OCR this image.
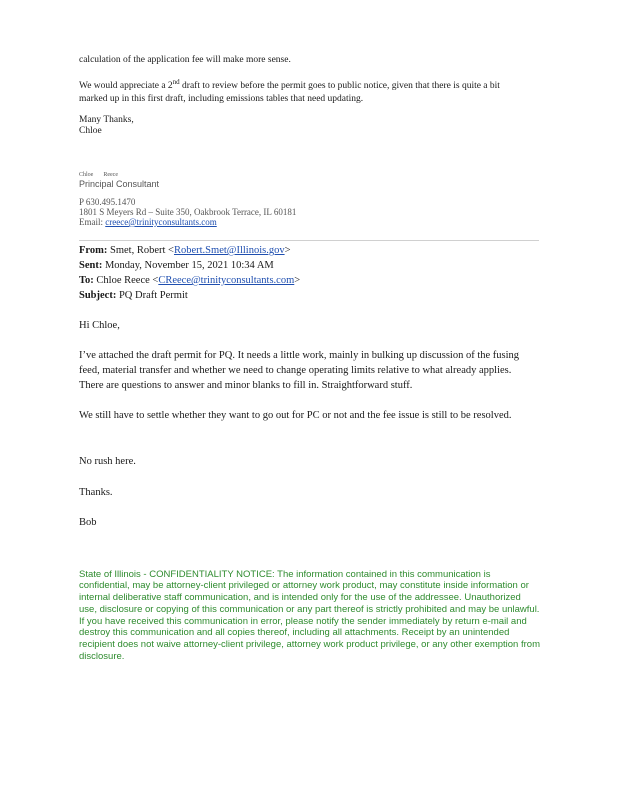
calculation of the application fee will make more sense.

We would appreciate a 2nd draft to review before the permit goes to public notice, given that there is quite a bit marked up in this first draft, including emissions tables that need updating.

Many Thanks,

Chloe

Chloe Reece

Principal Consultant

P 630.495.1470

1801 S Meyers Rd – Suite 350, Oakbrook Terrace, IL 60181

Email: creece@trinityconsultants.com

From: Smet, Robert <Robert.Smet@Illinois.gov>

Sent: Monday, November 15, 2021 10:34 AM

To: Chloe Reece <CReece@trinityconsultants.com>

Subject: PQ Draft Permit

Hi Chloe,

I’ve attached the draft permit for PQ. It needs a little work, mainly in bulking up discussion of the fusing feed, material transfer and whether we need to change operating limits relative to what already applies. There are questions to answer and minor blanks to fill in. Straightforward stuff.

We still have to settle whether they want to go out for PC or not and the fee issue is still to be resolved.

No rush here.

Thanks.

Bob

State of Illinois - CONFIDENTIALITY NOTICE: The information contained in this communication is confidential, may be attorney-client privileged or attorney work product, may constitute inside information or internal deliberative staff communication, and is intended only for the use of the addressee. Unauthorized use, disclosure or copying of this communication or any part thereof is strictly prohibited and may be unlawful. If you have received this communication in error, please notify the sender immediately by return e-mail and destroy this communication and all copies thereof, including all attachments. Receipt by an unintended recipient does not waive attorney-client privilege, attorney work product privilege, or any other exemption from disclosure.
